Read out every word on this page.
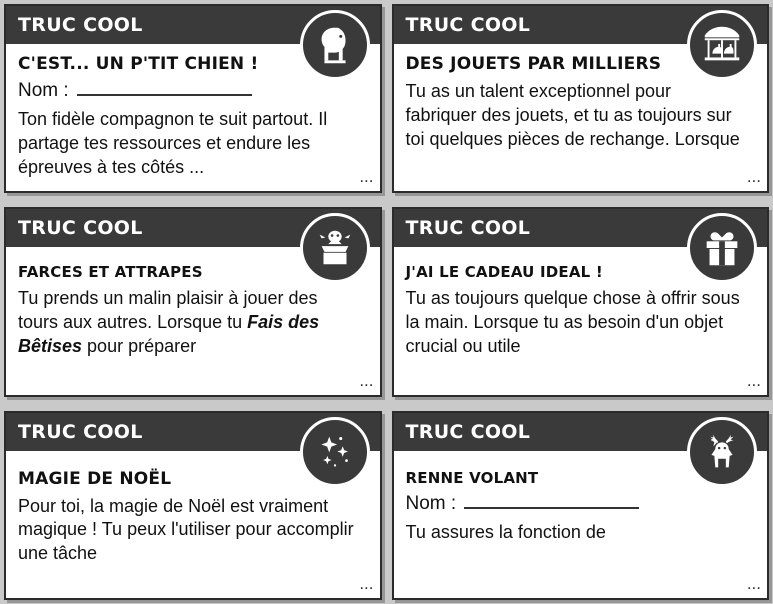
TRUC COOL
C'EST... UN P'TIT CHIEN !
Nom :

Ton fidèle compagnon te suit partout. Il partage tes ressources et endure les épreuves à tes côtés ...

...
TRUC COOL
DES JOUETS PAR MILLIERS

Tu as un talent exceptionnel pour fabriquer des jouets, et tu as toujours sur toi quelques pièces de rechange. Lorsque

...
TRUC COOL
FARCES ET ATTRAPES

Tu prends un malin plaisir à jouer des tours aux autres. Lorsque tu Fais des Bêtises pour préparer

...
TRUC COOL
J'AI LE CADEAU IDEAL !

Tu as toujours quelque chose à offrir sous la main. Lorsque tu as besoin d'un objet crucial ou utile

...
TRUC COOL
MAGIE DE NOËL

Pour toi, la magie de Noël est vraiment magique ! Tu peux l'utiliser pour accomplir une tâche

...
TRUC COOL
RENNE VOLANT
Nom :

Tu assures la fonction de

...
